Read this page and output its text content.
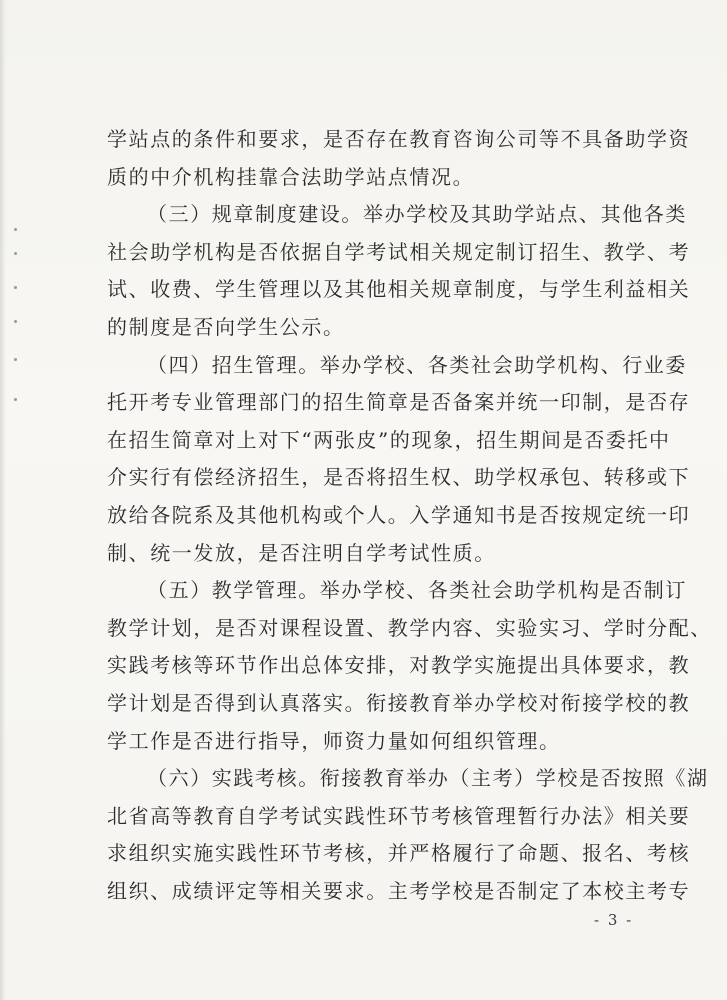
学站点的条件和要求，是否存在教育咨询公司等不具备助学资
质的中介机构挂靠合法助学站点情况。
（三）规章制度建设。举办学校及其助学站点、其他各类
社会助学机构是否依据自学考试相关规定制订招生、教学、考
试、收费、学生管理以及其他相关规章制度，与学生利益相关
的制度是否向学生公示。
（四）招生管理。举办学校、各类社会助学机构、行业委
托开考专业管理部门的招生简章是否备案并统一印制，是否存
在招生简章对上对下“两张皮”的现象，招生期间是否委托中
介实行有偿经济招生，是否将招生权、助学权承包、转移或下
放给各院系及其他机构或个人。入学通知书是否按规定统一印
制、统一发放，是否注明自学考试性质。
（五）教学管理。举办学校、各类社会助学机构是否制订
教学计划，是否对课程设置、教学内容、实验实习、学时分配、
实践考核等环节作出总体安排，对教学实施提出具体要求，教
学计划是否得到认真落实。衔接教育举办学校对衔接学校的教
学工作是否进行指导，师资力量如何组织管理。
（六）实践考核。衔接教育举办（主考）学校是否按照《湖
北省高等教育自学考试实践性环节考核管理暂行办法》相关要
求组织实施实践性环节考核，并严格履行了命题、报名、考核
组织、成绩评定等相关要求。主考学校是否制定了本校主考专
- 3 -
